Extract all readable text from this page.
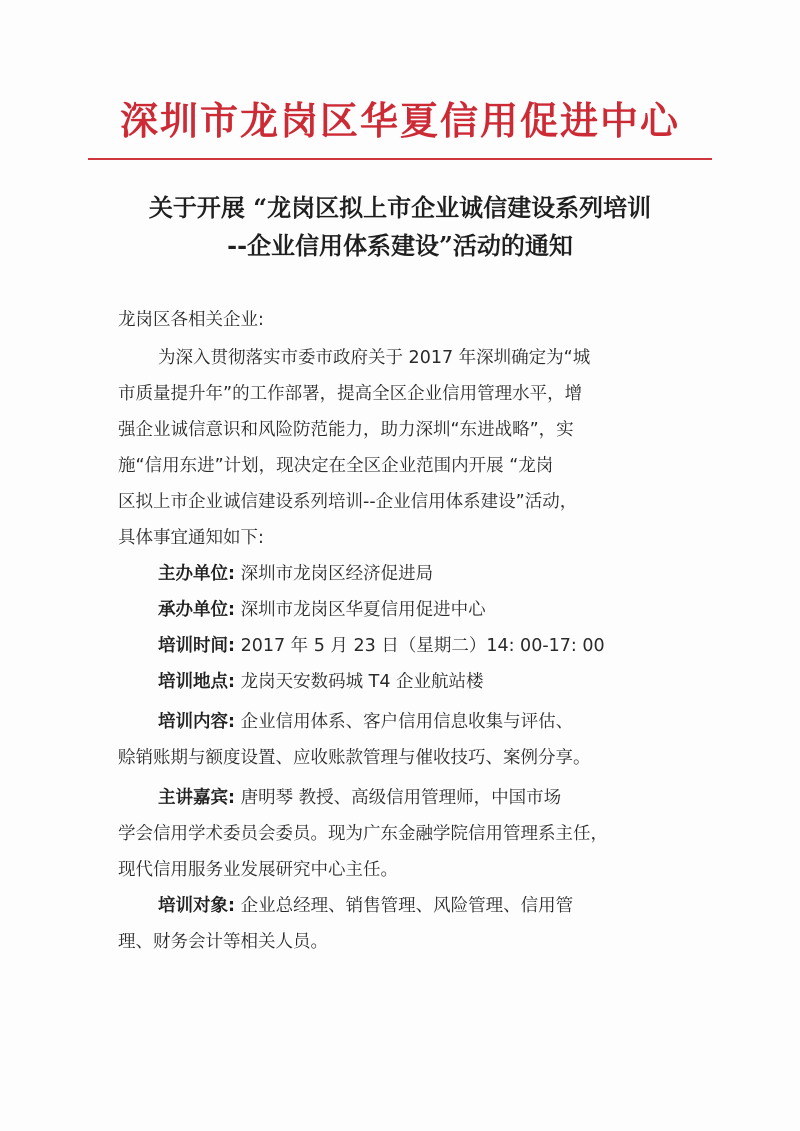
深圳市龙岗区华夏信用促进中心
关于开展 “龙岗区拟上市企业诚信建设系列培训
--企业信用体系建设”活动的通知
龙岗区各相关企业:
为深入贯彻落实市委市政府关于 2017 年深圳确定为“城
市质量提升年”的工作部署，提高全区企业信用管理水平，增
强企业诚信意识和风险防范能力，助力深圳“东进战略”，实
施“信用东进”计划，现决定在全区企业范围内开展 “龙岗
区拟上市企业诚信建设系列培训--企业信用体系建设”活动，
具体事宜通知如下:
主办单位: 深圳市龙岗区经济促进局
承办单位: 深圳市龙岗区华夏信用促进中心
培训时间: 2017 年 5 月 23 日（星期二）14: 00-17: 00
培训地点: 龙岗天安数码城 T4 企业航站楼
培训内容: 企业信用体系、客户信用信息收集与评估、
赊销账期与额度设置、应收账款管理与催收技巧、案例分享。
主讲嘉宾: 唐明琴 教授、高级信用管理师，中国市场
学会信用学术委员会委员。现为广东金融学院信用管理系主任，
现代信用服务业发展研究中心主任。
培训对象: 企业总经理、销售管理、风险管理、信用管
理、财务会计等相关人员。
